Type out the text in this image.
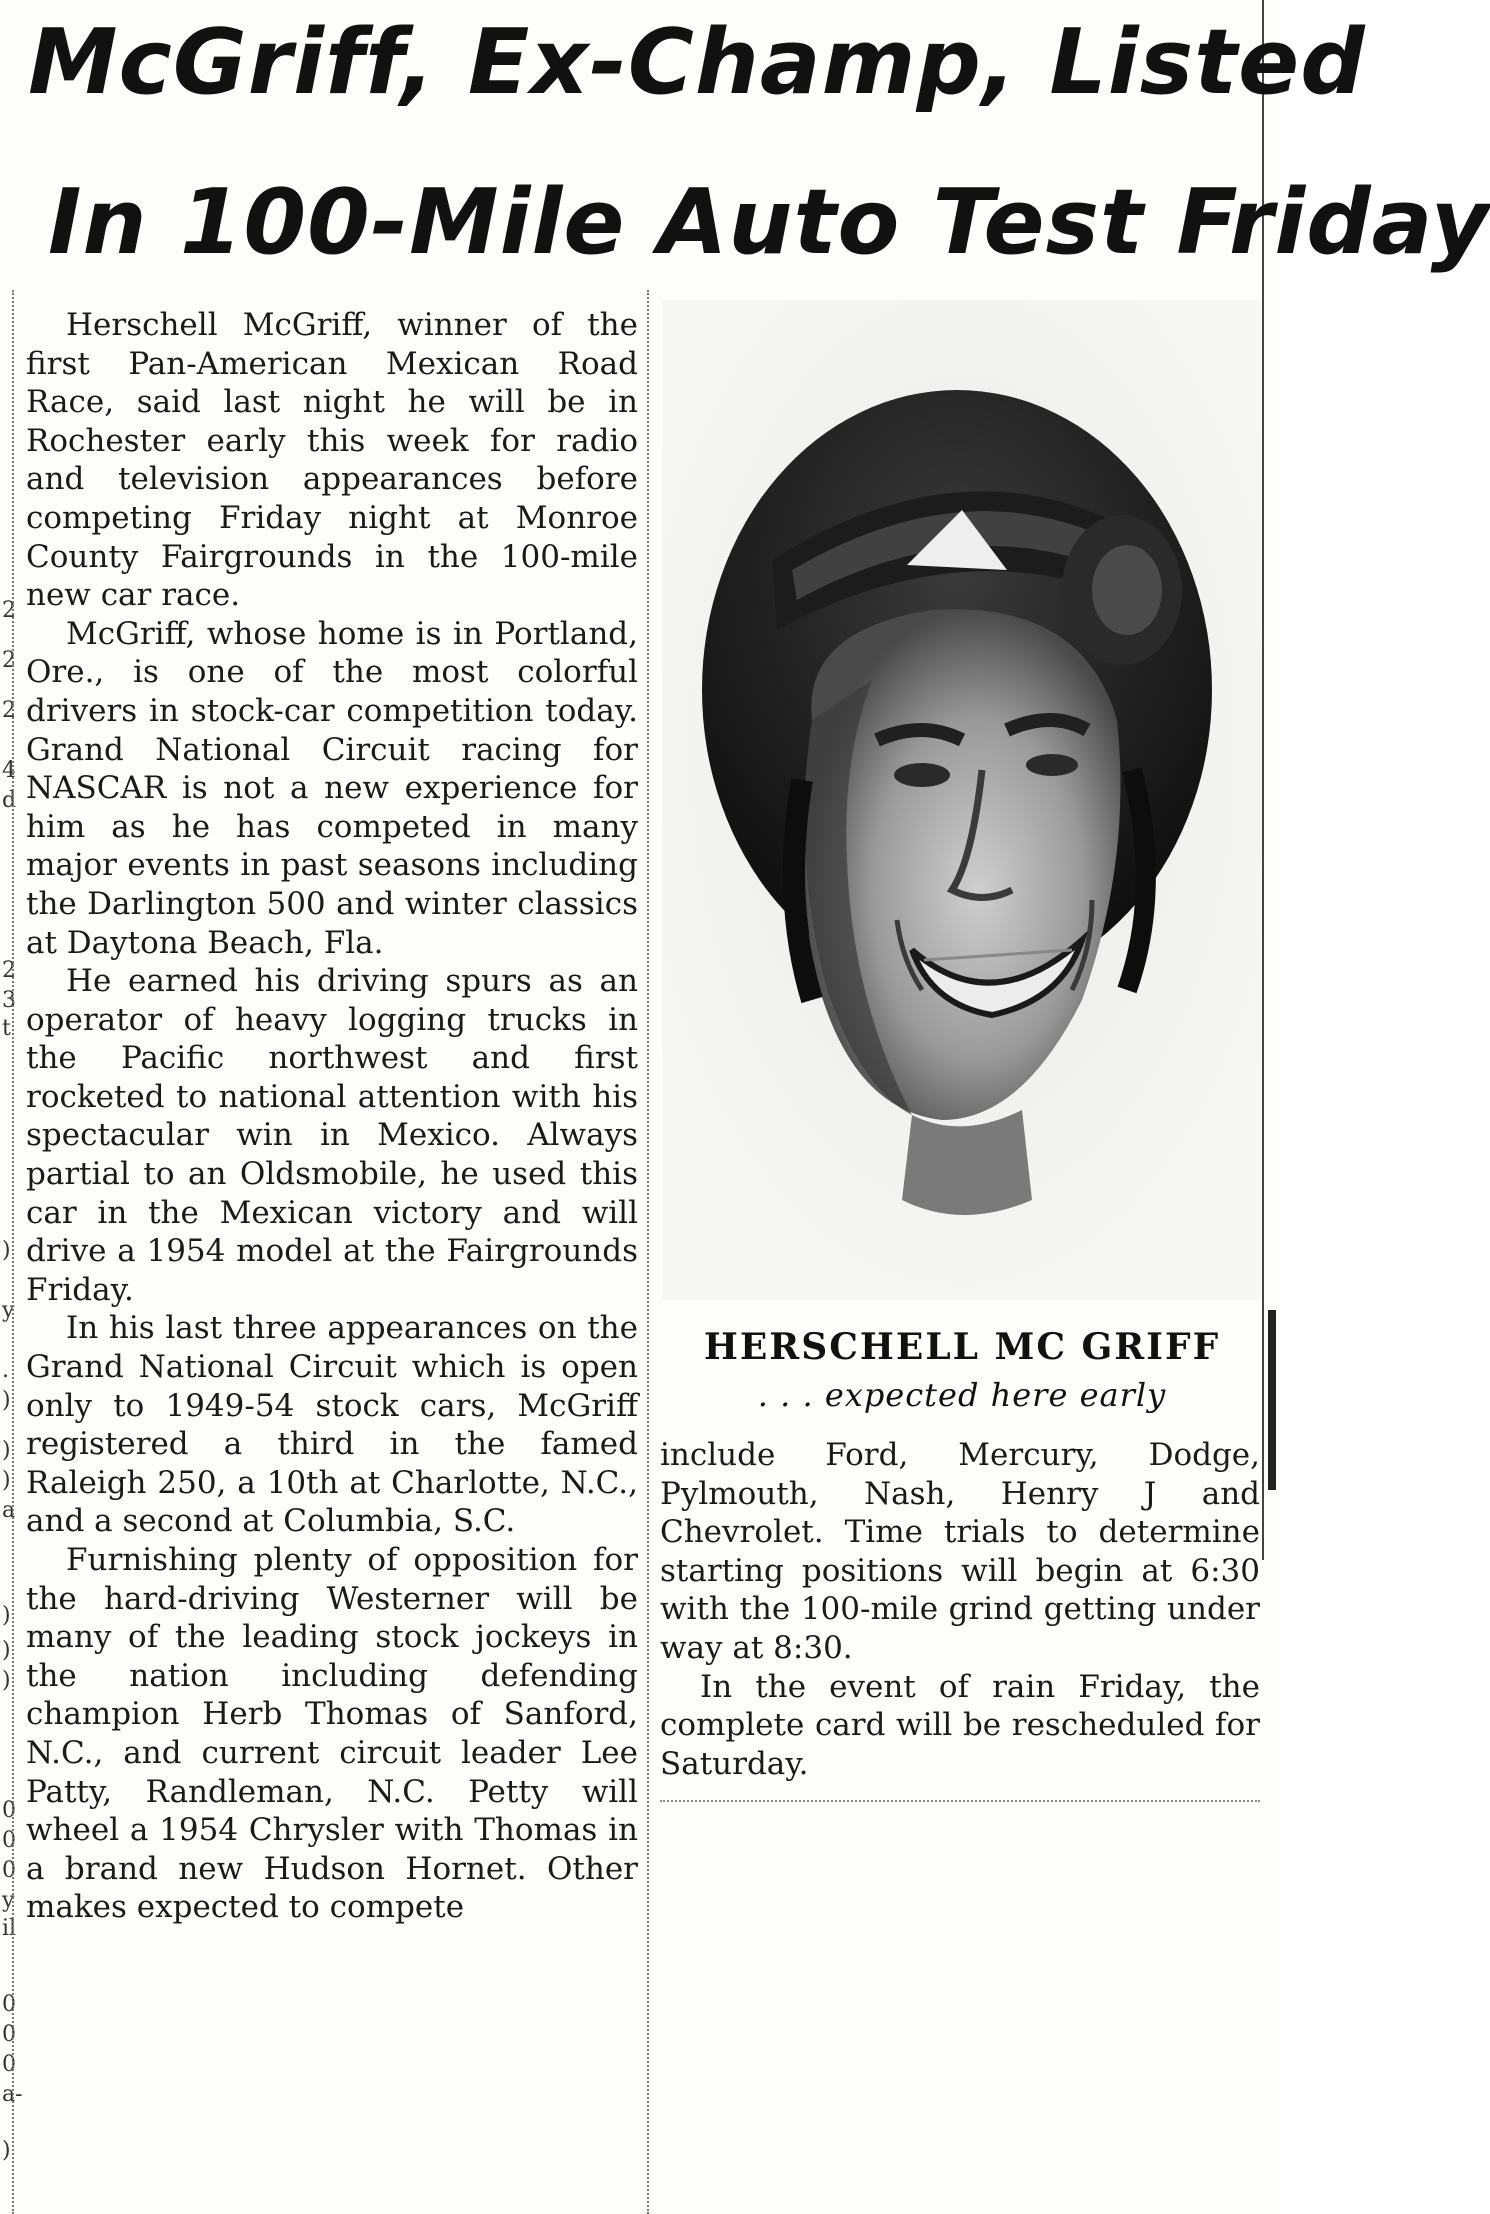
2
2
2
4
d
2
3
t
)
y
.
)
)
)
a
)
)
)
0
0
0
y
il
0
0
0
a-
)
McGriff, Ex-Champ, Listed
In 100-Mile Auto Test Friday

Herschell McGriff, winner of the first Pan-American Mexican Road Race, said last night he will be in Rochester early this week for radio and television appearances before competing Friday night at Monroe County Fairgrounds in the 100-mile new car race.

McGriff, whose home is in Portland, Ore., is one of the most colorful drivers in stock-car competition today. Grand National Circuit racing for NASCAR is not a new experience for him as he has competed in many major events in past seasons including the Darlington 500 and winter classics at Daytona Beach, Fla.

He earned his driving spurs as an operator of heavy logging trucks in the Pacific northwest and first rocketed to national attention with his spectacular win in Mexico. Always partial to an Oldsmobile, he used this car in the Mexican victory and will drive a 1954 model at the Fairgrounds Friday.

In his last three appearances on the Grand National Circuit which is open only to 1949-54 stock cars, McGriff registered a third in the famed Raleigh 250, a 10th at Charlotte, N.C., and a second at Columbia, S.C.

Furnishing plenty of opposition for the hard-driving Westerner will be many of the leading stock jockeys in the nation including defending champion Herb Thomas of Sanford, N.C., and current circuit leader Lee Patty, Randleman, N.C. Petty will wheel a 1954 Chrysler with Thomas in a brand new Hudson Hornet. Other makes expected to compete

HERSCHELL MC GRIFF
. . . expected here early

include Ford, Mercury, Dodge, Pylmouth, Nash, Henry J and Chevrolet. Time trials to determine starting positions will begin at 6:30 with the 100-mile grind getting under way at 8:30.

In the event of rain Friday, the complete card will be rescheduled for Saturday.
